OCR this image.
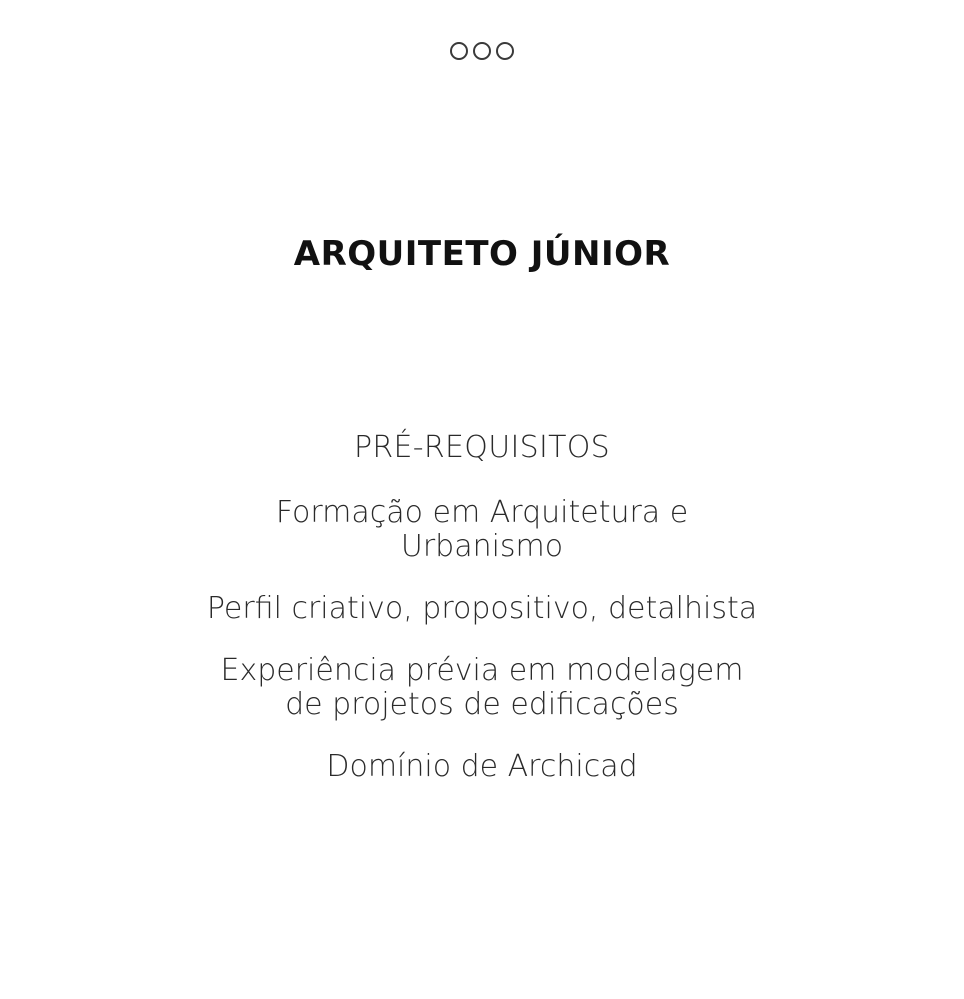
ARQUITETO JÚNIOR

PRÉ-REQUISITOS

Formação em Arquitetura e
Urbanismo

Perfil criativo, propositivo, detalhista

Experiência prévia em modelagem
de projetos de edificações

Domínio de Archicad
